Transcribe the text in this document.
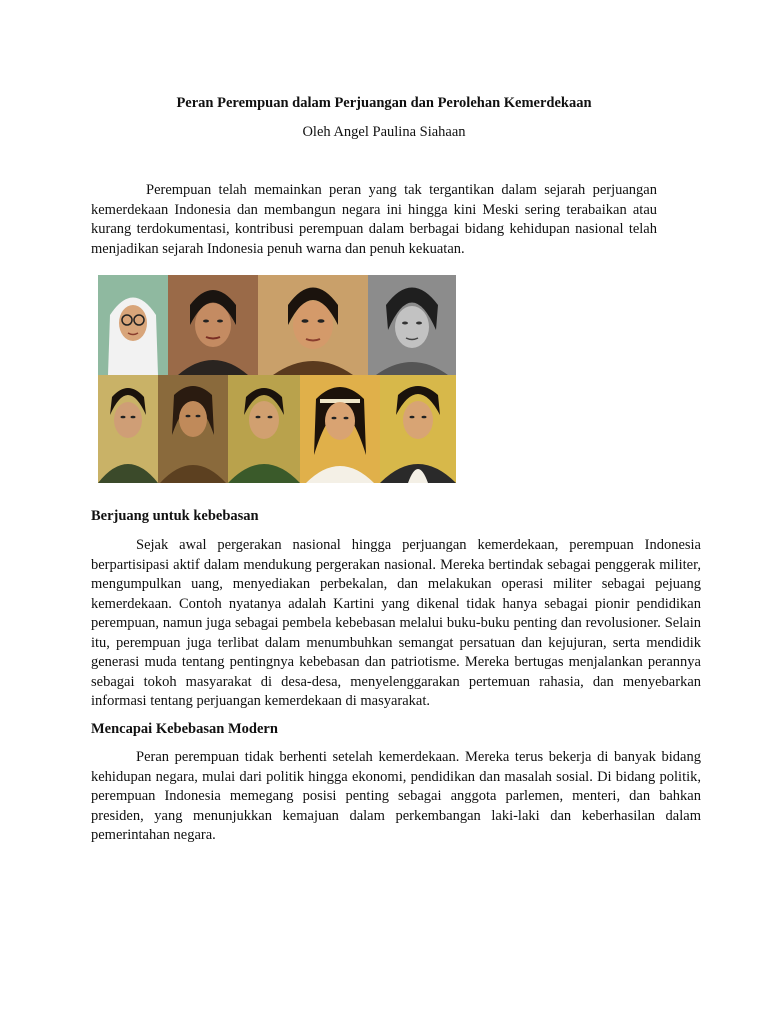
Peran Perempuan dalam Perjuangan dan Perolehan Kemerdekaan

Oleh Angel Paulina Siahaan

Perempuan telah memainkan peran yang tak tergantikan dalam sejarah perjuangan kemerdekaan Indonesia dan membangun negara ini hingga kini Meski sering terabaikan atau kurang terdokumentasi, kontribusi perempuan dalam berbagai bidang kehidupan nasional telah menjadikan sejarah Indonesia penuh warna dan penuh kekuatan.

Berjuang untuk kebebasan

Sejak awal pergerakan nasional hingga perjuangan kemerdekaan, perempuan Indonesia berpartisipasi aktif dalam mendukung pergerakan nasional. Mereka bertindak sebagai penggerak militer, mengumpulkan uang, menyediakan perbekalan, dan melakukan operasi militer sebagai pejuang kemerdekaan. Contoh nyatanya adalah Kartini yang dikenal tidak hanya sebagai pionir pendidikan perempuan, namun juga sebagai pembela kebebasan melalui buku-buku penting dan revolusioner. Selain itu, perempuan juga terlibat dalam menumbuhkan semangat persatuan dan kejujuran, serta mendidik generasi muda tentang pentingnya kebebasan dan patriotisme. Mereka bertugas menjalankan perannya sebagai tokoh masyarakat di desa-desa, menyelenggarakan pertemuan rahasia, dan menyebarkan informasi tentang perjuangan kemerdekaan di masyarakat.

Mencapai Kebebasan Modern

Peran perempuan tidak berhenti setelah kemerdekaan. Mereka terus bekerja di banyak bidang kehidupan negara, mulai dari politik hingga ekonomi, pendidikan dan masalah sosial. Di bidang politik, perempuan Indonesia memegang posisi penting sebagai anggota parlemen, menteri, dan bahkan presiden, yang menunjukkan kemajuan dalam perkembangan laki-laki dan keberhasilan dalam pemerintahan negara.
